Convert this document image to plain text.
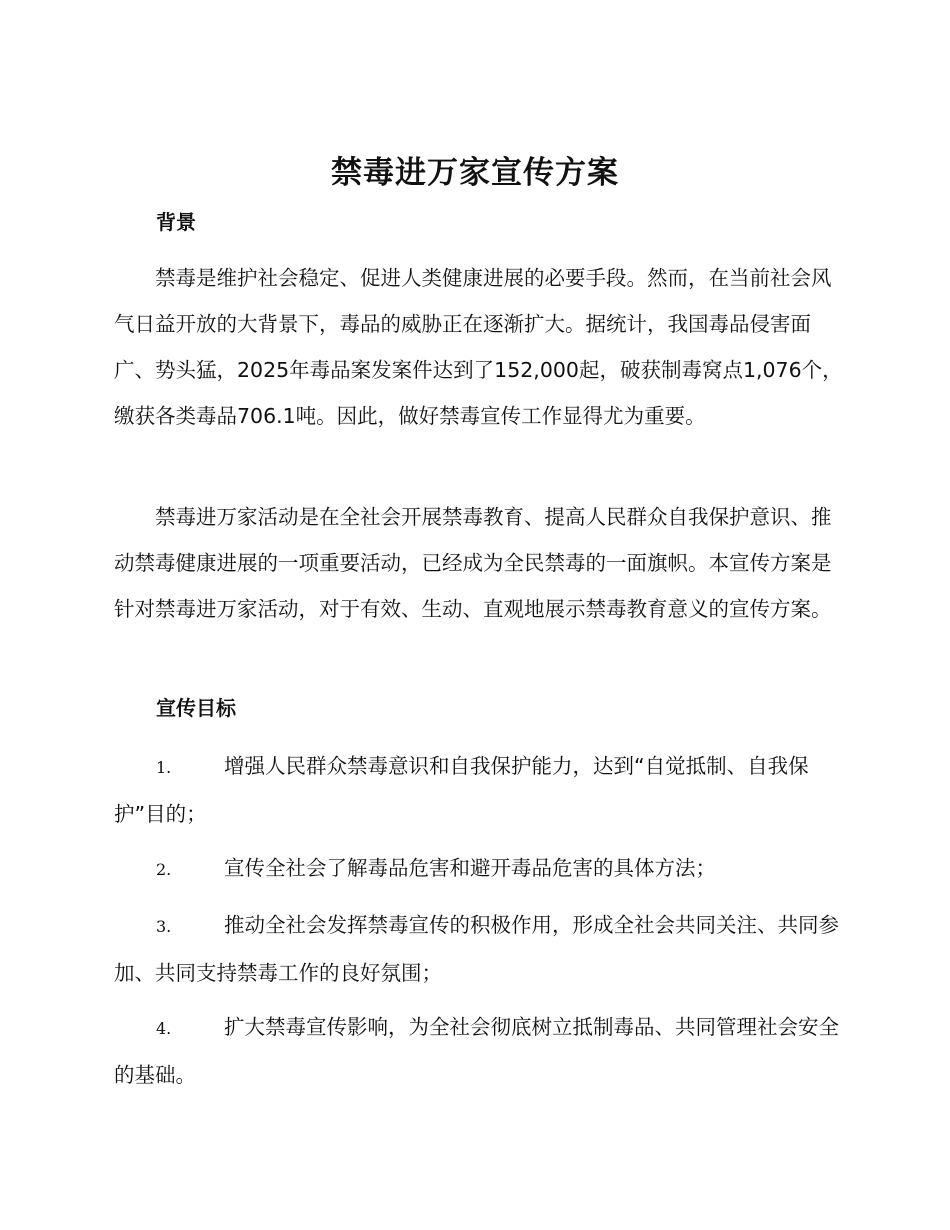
禁毒进万家宣传方案
背景

禁毒是维护社会稳定、促进人类健康进展的必要手段。然而，在当前社会风气日益开放的大背景下，毒品的威胁正在逐渐扩大。据统计，我国毒品侵害面广、势头猛，2025年毒品案发案件达到了152,000起，破获制毒窝点1,076个，缴获各类毒品706.1吨。因此，做好禁毒宣传工作显得尤为重要。

禁毒进万家活动是在全社会开展禁毒教育、提高人民群众自我保护意识、推动禁毒健康进展的一项重要活动，已经成为全民禁毒的一面旗帜。本宣传方案是针对禁毒进万家活动，对于有效、生动、直观地展示禁毒教育意义的宣传方案。

宣传目标

1.	增强人民群众禁毒意识和自我保护能力，达到“自觉抵制、自我保护”目的；

2.	宣传全社会了解毒品危害和避开毒品危害的具体方法；

3.	推动全社会发挥禁毒宣传的积极作用，形成全社会共同关注、共同参加、共同支持禁毒工作的良好氛围；

4.	扩大禁毒宣传影响，为全社会彻底树立抵制毒品、共同管理社会安全的基础。
